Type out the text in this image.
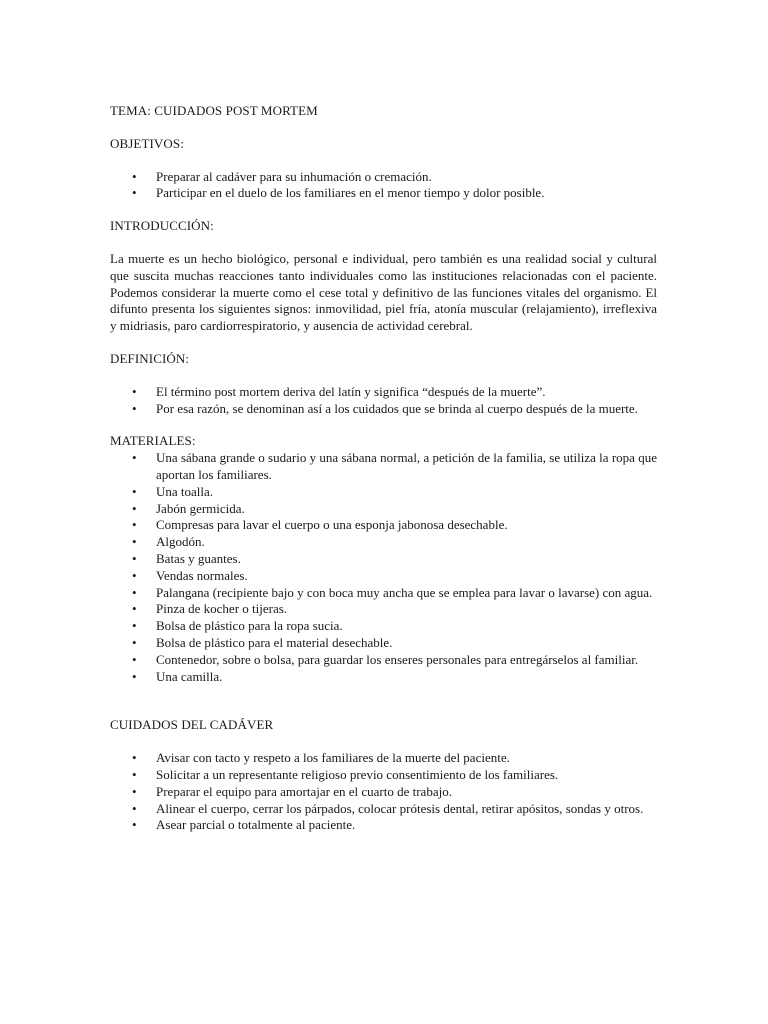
TEMA: CUIDADOS POST MORTEM

OBJETIVOS:

• Preparar al cadáver para su inhumación o cremación.
• Participar en el duelo de los familiares en el menor tiempo y dolor posible.

INTRODUCCIÓN:

La muerte es un hecho biológico, personal e individual, pero también es una realidad social y cultural que suscita muchas reacciones tanto individuales como las instituciones relacionadas con el paciente. Podemos considerar la muerte como el cese total y definitivo de las funciones vitales del organismo. El difunto presenta los siguientes signos: inmovilidad, piel fría, atonía muscular (relajamiento), irreflexiva y midriasis, paro cardiorrespiratorio, y ausencia de actividad cerebral.

DEFINICIÓN:

• El término post mortem deriva del latín y significa “después de la muerte”.
• Por esa razón, se denominan así a los cuidados que se brinda al cuerpo después de la muerte.

MATERIALES:

• Una sábana grande o sudario y una sábana normal, a petición de la familia, se utiliza la ropa que aportan los familiares.
• Una toalla.
• Jabón germicida.
• Compresas para lavar el cuerpo o una esponja jabonosa desechable.
• Algodón.
• Batas y guantes.
• Vendas normales.
• Palangana (recipiente bajo y con boca muy ancha que se emplea para lavar o lavarse) con agua.
• Pinza de kocher o tijeras.
• Bolsa de plástico para la ropa sucia.
• Bolsa de plástico para el material desechable.
• Contenedor, sobre o bolsa, para guardar los enseres personales para entregárselos al familiar.
• Una camilla.

CUIDADOS DEL CADÁVER

• Avisar con tacto y respeto a los familiares de la muerte del paciente.
• Solicitar a un representante religioso previo consentimiento de los familiares.
• Preparar el equipo para amortajar en el cuarto de trabajo.
• Alinear el cuerpo, cerrar los párpados, colocar prótesis dental, retirar apósitos, sondas y otros.
• Asear parcial o totalmente al paciente.
